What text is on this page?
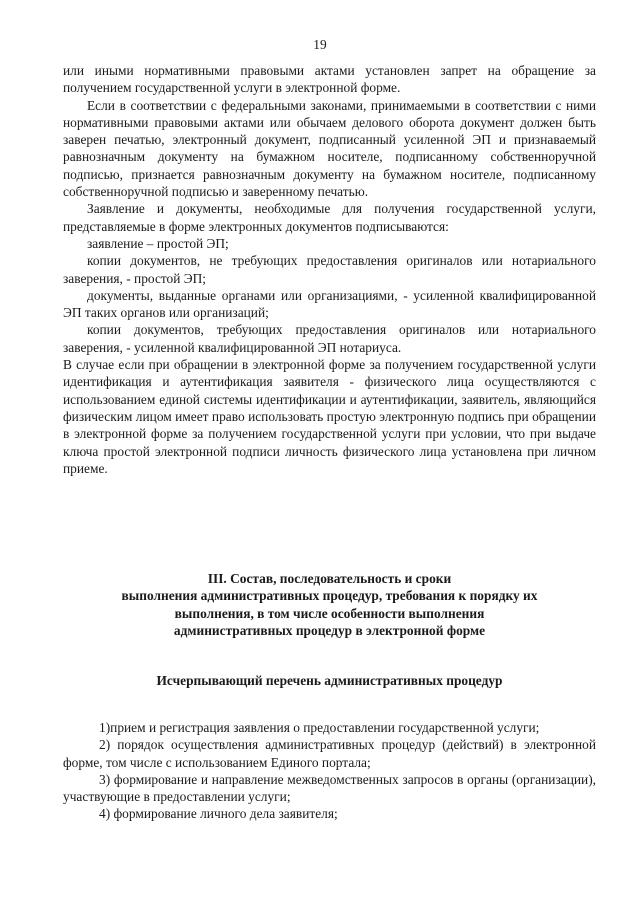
19

или иными нормативными правовыми актами установлен запрет на обращение за получением государственной услуги в электронной форме.

Если в соответствии с федеральными законами, принимаемыми в соответствии с ними нормативными правовыми актами или обычаем делового оборота документ должен быть заверен печатью, электронный документ, подписанный усиленной ЭП и признаваемый равнозначным документу на бумажном носителе, подписанному собственноручной подписью, признается равнозначным документу на бумажном носителе, подписанному собственноручной подписью и заверенному печатью.

Заявление и документы, необходимые для получения государственной услуги, представляемые в форме электронных документов подписываются:

заявление – простой ЭП;

копии документов, не требующих предоставления оригиналов или нотариального заверения, - простой ЭП;

документы, выданные органами или организациями, - усиленной квалифицированной ЭП таких органов или организаций;

копии документов, требующих предоставления оригиналов или нотариального заверения, - усиленной квалифицированной ЭП нотариуса.

В случае если при обращении в электронной форме за получением государственной услуги идентификация и аутентификация заявителя - физического лица осуществляются с использованием единой системы идентификации и аутентификации, заявитель, являющийся физическим лицом имеет право использовать простую электронную подпись при обращении в электронной форме за получением государственной услуги при условии, что при выдаче ключа простой электронной подписи личность физического лица установлена при личном приеме.

III. Состав, последовательность и сроки
выполнения административных процедур, требования к порядку их
выполнения, в том числе особенности выполнения
административных процедур в электронной форме
Исчерпывающий перечень административных процедур

1)прием и регистрация заявления о предоставлении государственной услуги;

2) порядок осуществления административных процедур (действий) в электронной форме, том числе с использованием Единого портала;

3) формирование и направление межведомственных запросов в органы (организации), участвующие в предоставлении услуги;

4) формирование личного дела заявителя;
